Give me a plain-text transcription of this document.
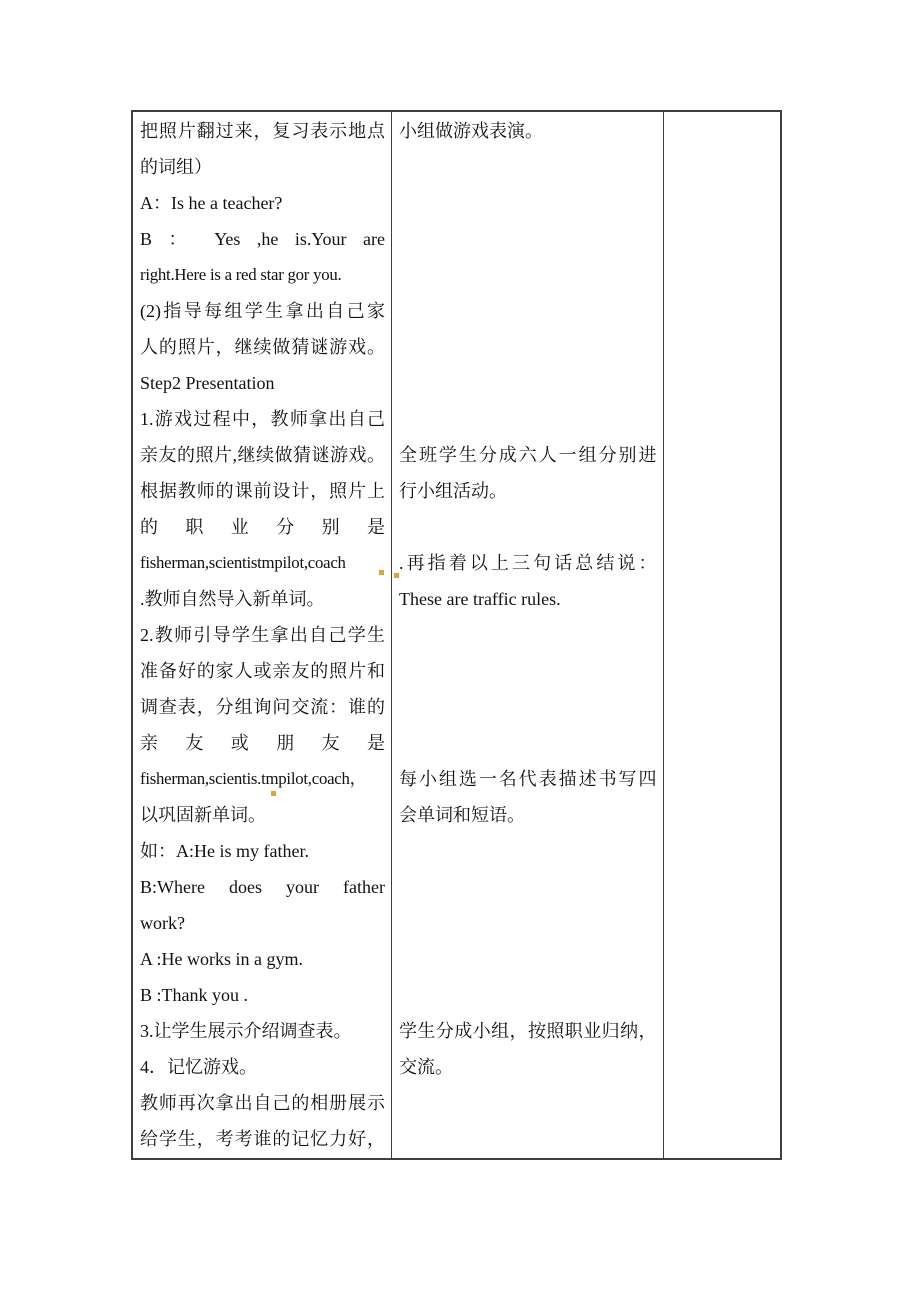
把照片翻过来，复习表示地点
的词组）
A：Is he a teacher?
B ： Yes ,he is.Your are
right.Here is a red star gor you.
(2)指导每组学生拿出自己家
人的照片，继续做猜谜游戏。
Step2 Presentation
1.游戏过程中，教师拿出自己
亲友的照片,继续做猜谜游戏。
根据教师的课前设计，照片上
的职业分别是
fisherman,scientistmpilot,coach
.教师自然导入新单词。
2.教师引导学生拿出自己学生
准备好的家人或亲友的照片和
调查表，分组询问交流：谁的
亲友或朋友是
fisherman,scientis.tmpilot,coach，
以巩固新单词。
如：A:He is my father.
B:Where does your father
work?
A :He works in a gym.
B :Thank you .
3.让学生展示介绍调查表。
4．记忆游戏。
教师再次拿出自己的相册展示
给学生，考考谁的记忆力好，
小组做游戏表演。
全班学生分成六人一组分别进
行小组活动。
.再指着以上三句话总结说：
These are traffic rules.
每小组选一名代表描述书写四
会单词和短语。
学生分成小组，按照职业归纳，
交流。
